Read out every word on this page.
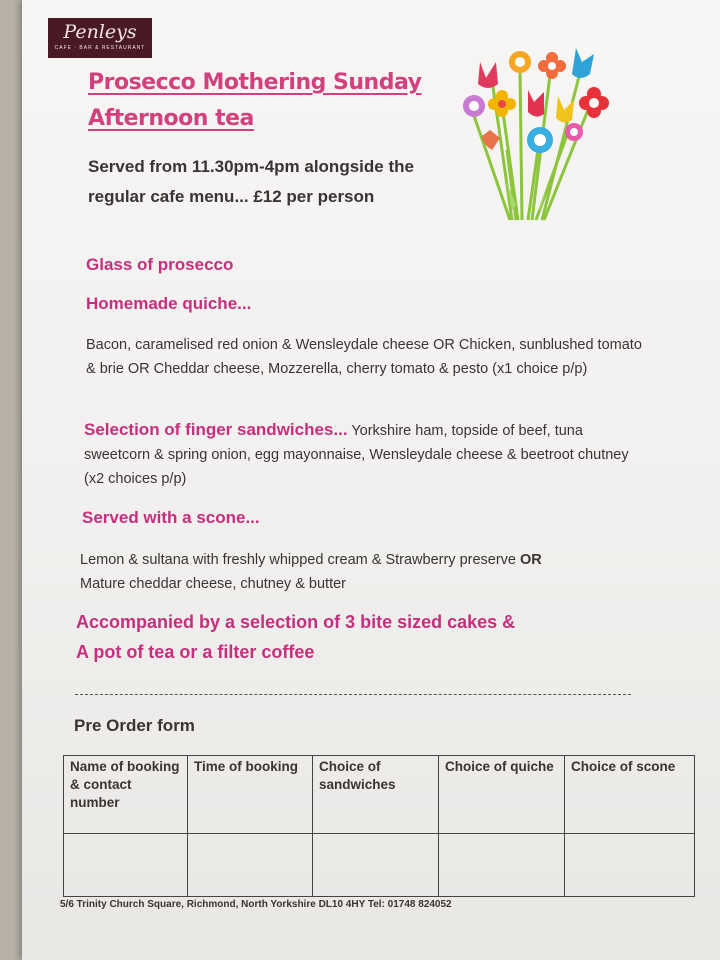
Penleys
CAFE · BAR & RESTAURANT
Prosecco Mothering Sunday
Afternoon tea
Served from 11.30pm-4pm alongside the regular cafe menu... £12 per person
Glass of prosecco
Homemade quiche...
Bacon, caramelised red onion & Wensleydale cheese OR Chicken, sunblushed tomato & brie OR Cheddar cheese, Mozzerella, cherry tomato & pesto (x1 choice p/p)
Selection of finger sandwiches... Yorkshire ham, topside of beef, tuna sweetcorn & spring onion, egg mayonnaise, Wensleydale cheese & beetroot chutney (x2 choices p/p)
Served with a scone...
Lemon & sultana with freshly whipped cream & Strawberry preserve OR
Mature cheddar cheese, chutney & butter
Accompanied by a selection of 3 bite sized cakes &
A pot of tea or a filter coffee
Pre Order form
Name of booking & contact number	Time of booking	Choice of sandwiches	Choice of quiche	Choice of scone

5/6 Trinity Church Square, Richmond, North Yorkshire DL10 4HY Tel: 01748 824052
